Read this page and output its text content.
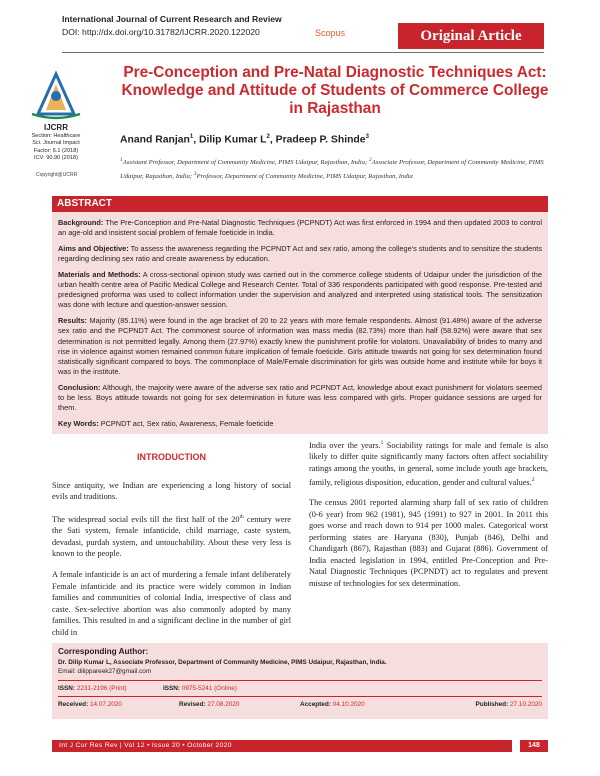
International Journal of Current Research and Review
DOI: http://dx.doi.org/10.31782/IJCRR.2020.122020	Scopus	Original Article
IJCRR
Section: Healthcare
Sci. Journal Impact
Factor: 6.1 (2018)
ICV: 90.90 (2018)
Copyright@IJCRR
Pre-Conception and Pre-Natal Diagnostic Techniques Act: Knowledge and Attitude of Students of Commerce College in Rajasthan
Anand Ranjan$^1$, Dilip Kumar $L^2$, Pradeep P. Shinde$^3$
$^1$Assistant Professor, Department of Community Medicine, PIMS Udaipur, Rajasthan, India; $^2$Associate Professor, Department of Community Medicine, PIMS Udaipur, Rajasthan, India; $^3$Professor, Department of Community Medicine, PIMS Udaipur, Rajasthan, India
ABSTRACT

Background: The Pre-Conception and Pre-Natal Diagnostic Techniques (PCPNDT) Act was first enforced in 1994 and then updated 2003 to control an age-old and insistent social problem of female foeticide in India.

Aims and Objective: To assess the awareness regarding the PCPNDT Act and sex ratio, among the college's students and to sensitize the students regarding declining sex ratio and create awareness by education.

Materials and Methods: A cross-sectional opinion study was carried out in the commerce college students of Udaipur under the jurisdiction of the urban health centre area of Pacific Medical College and Research Center. Total of 336 respondents participated with good response. Pre-tested and predesigned proforma was used to collect information under the supervision and analyzed and interpreted using statistical tools. The sensitization was done with lecture and question-answer session.

Results: Majority (85.11%) were found in the age bracket of 20 to 22 years with more female respondents. Almost (91.48%) aware of the adverse sex ratio and the PCPNDT Act. The commonest source of information was mass media (82.73%) more than half (58.92%) were aware that sex determination is not permitted legally. Among them (27.97%) exactly knew the punishment profile for violators. Unavailability of brides to marry and rise in violence against women remained common future implication of female foeticide. Girls attitude towards not going for sex determination found statistically significant compared to boys. The commonplace of Male/Female discrimination for girls was outside home and institute while for boys it was in the institute.

Conclusion: Although, the majority were aware of the adverse sex ratio and PCPNDT Act, knowledge about exact punishment for violators seemed to be less. Boys attitude towards not going for sex determination in future was less compared with girls. Proper guidance sessions are urged for them.

Key Words: PCPNDT act, Sex ratio, Awareness, Female foeticide

INTRODUCTION

Since antiquity, we Indian are experiencing a long history of social evils and traditions.

The widespread social evils till the first half of the 20th century were the Sati system, female infanticide, child marriage, caste system, devadasi, purdah system, and untouchability. About these very less is known to the people.

A female infanticide is an act of murdering a female infant deliberately Female infanticide and its practice were widely common in Indian families and communities of colonial India, irrespective of class and caste. Sex-selective abortion was also commonly adopted by many families. This resulted in and a significant decline in the number of girl child in

India over the years.$^1$ Sociability ratings for male and female is also likely to differ quite significantly many factors often affect sociability ratings among the youths, in general, some include youth age brackets, family, religious disposition, education, gender and cultural values.$^2$

The census 2001 reported alarming sharp fall of sex ratio of children (0-6 year) from 962 (1981), 945 (1991) to 927 in 2001. In 2011 this goes worse and reach down to 914 per 1000 males. Categorical worst performing states are Haryana (830), Punjab (846), Delhi and Chandigarh (867), Rajasthan (883) and Gujarat (886). Government of India enacted legislation in 1994, entitled Pre-Conception and Pre-Natal Diagnostic Techniques (PCPNDT) act to regulates and prevent misuse of technologies for sex determination.

Corresponding Author:
Dr. Dilip Kumar L, Associate Professor, Department of Community Medicine, PIMS Udaipur, Rajasthan, India.
Email: dilippareek27@gmail.com
ISSN: 2231-2196 (Print)	ISSN: 0975-5241 (Online)
Received: 14.07.2020	Revised: 27.08.2020	Accepted: 04.10.2020	Published: 27.10.2020
Int J Cur Res Rev | Vol 12 • Issue 20 • October 2020	148
